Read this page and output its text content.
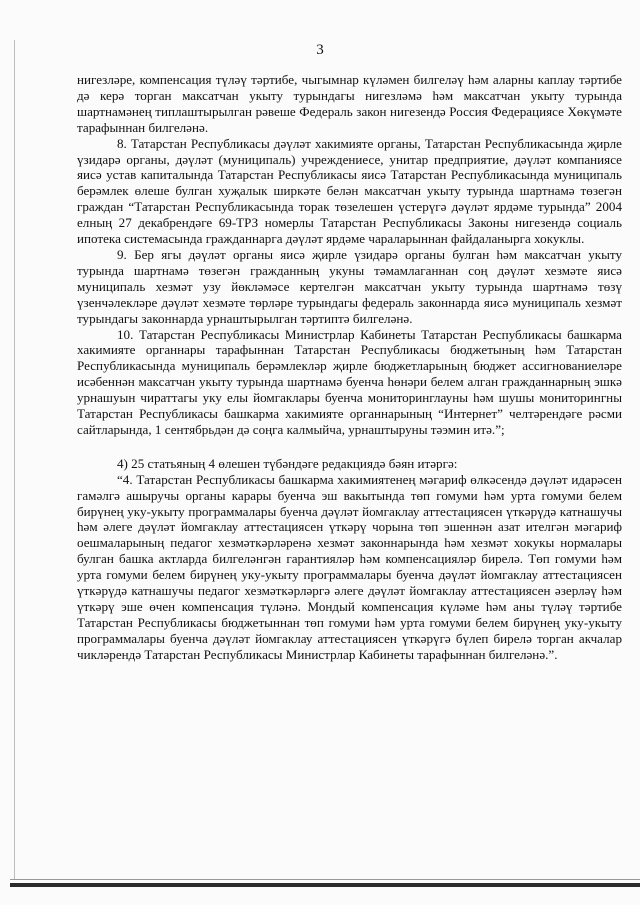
3

нигезләре, компенсация түләү тәртибе, чыгымнар күләмен билгеләү һәм аларны каплау тәртибе дә керә торган максатчан укыту турындагы нигезләмә һәм максатчан укыту турында шартнамәнең типлаштырылган рәвеше Федераль закон нигезендә Россия Федерациясе Хөкүмәте тарафыннан билгеләнә.

8. Татарстан Республикасы дәүләт хакимияте органы, Татарстан Республикасында җирле үзидарә органы, дәүләт (муниципаль) учреждениесе, унитар предприятие, дәүләт компаниясе яисә устав капиталында Татарстан Республикасы яисә Татарстан Республикасында муниципаль берәмлек өлеше булган хуҗалык ширкәте белән максатчан укыту турында шартнамә төзегән граждан “Татарстан Республикасында торак төзелешен үстерүгә дәүләт ярдәме турында” 2004 елның 27 декабрендәге 69-ТРЗ номерлы Татарстан Республикасы Законы нигезендә социаль ипотека системасында гражданнарга дәүләт ярдәме чараларыннан файдаланырга хокуклы.

9. Бер ягы дәүләт органы яисә җирле үзидарә органы булган һәм максатчан укыту турында шартнамә төзегән гражданның укуны тәмамлаганнан соң дәүләт хезмәте яисә муниципаль хезмәт узу йөкләмәсе кертелгән максатчан укыту турында шартнамә төзү үзенчәлекләре дәүләт хезмәте төрләре турындагы федераль законнарда яисә муниципаль хезмәт турындагы законнарда урнаштырылган тәртиптә билгеләнә.

10. Татарстан Республикасы Министрлар Кабинеты Татарстан Республикасы башкарма хакимияте органнары тарафыннан Татарстан Республикасы бюджетының һәм Татарстан Республикасында муниципаль берәмлекләр җирле бюджетларының бюджет ассигнованиеләре исәбеннән максатчан укыту турында шартнамә буенча һөнәри белем алган гражданнарның эшкә урнашуын чираттагы уку елы йомгаклары буенча мониторинглауны һәм шушы мониторингны Татарстан Республикасы башкарма хакимияте органнарының “Интернет” челтәрендәге рәсми сайтларында, 1 сентябрьдән дә соңга калмыйча, урнаштыруны тәэмин итә.”;

4) 25 статьяның 4 өлешен түбәндәге редакциядә бәян итәргә:

“4. Татарстан Республикасы башкарма хакимиятенең мәгариф өлкәсендә дәүләт идарәсен гамәлгә ашыручы органы карары буенча эш вакытында төп гомуми һәм урта гомуми белем бирүнең уку-укыту программалары буенча дәүләт йомгаклау аттестациясен үткәрүдә катнашучы һәм әлеге дәүләт йомгаклау аттестациясен үткәрү чорына төп эшеннән азат ителгән мәгариф оешмаларының педагог хезмәткәрләренә хезмәт законнарында һәм хезмәт хокукы нормалары булган башка актларда билгеләнгән гарантияләр һәм компенсацияләр бирелә. Төп гомуми һәм урта гомуми белем бирүнең уку-укыту программалары буенча дәүләт йомгаклау аттестациясен үткәрүдә катнашучы педагог хезмәткәрләргә әлеге дәүләт йомгаклау аттестациясен әзерләү һәм үткәрү эше өчен компенсация түләнә. Мондый компенсация күләме һәм аны түләү тәртибе Татарстан Республикасы бюджетыннан төп гомуми һәм урта гомуми белем бирүнең уку-укыту программалары буенча дәүләт йомгаклау аттестациясен үткәрүгә бүлеп бирелә торган акчалар чикләрендә Татарстан Республикасы Министрлар Кабинеты тарафыннан билгеләнә.”.
